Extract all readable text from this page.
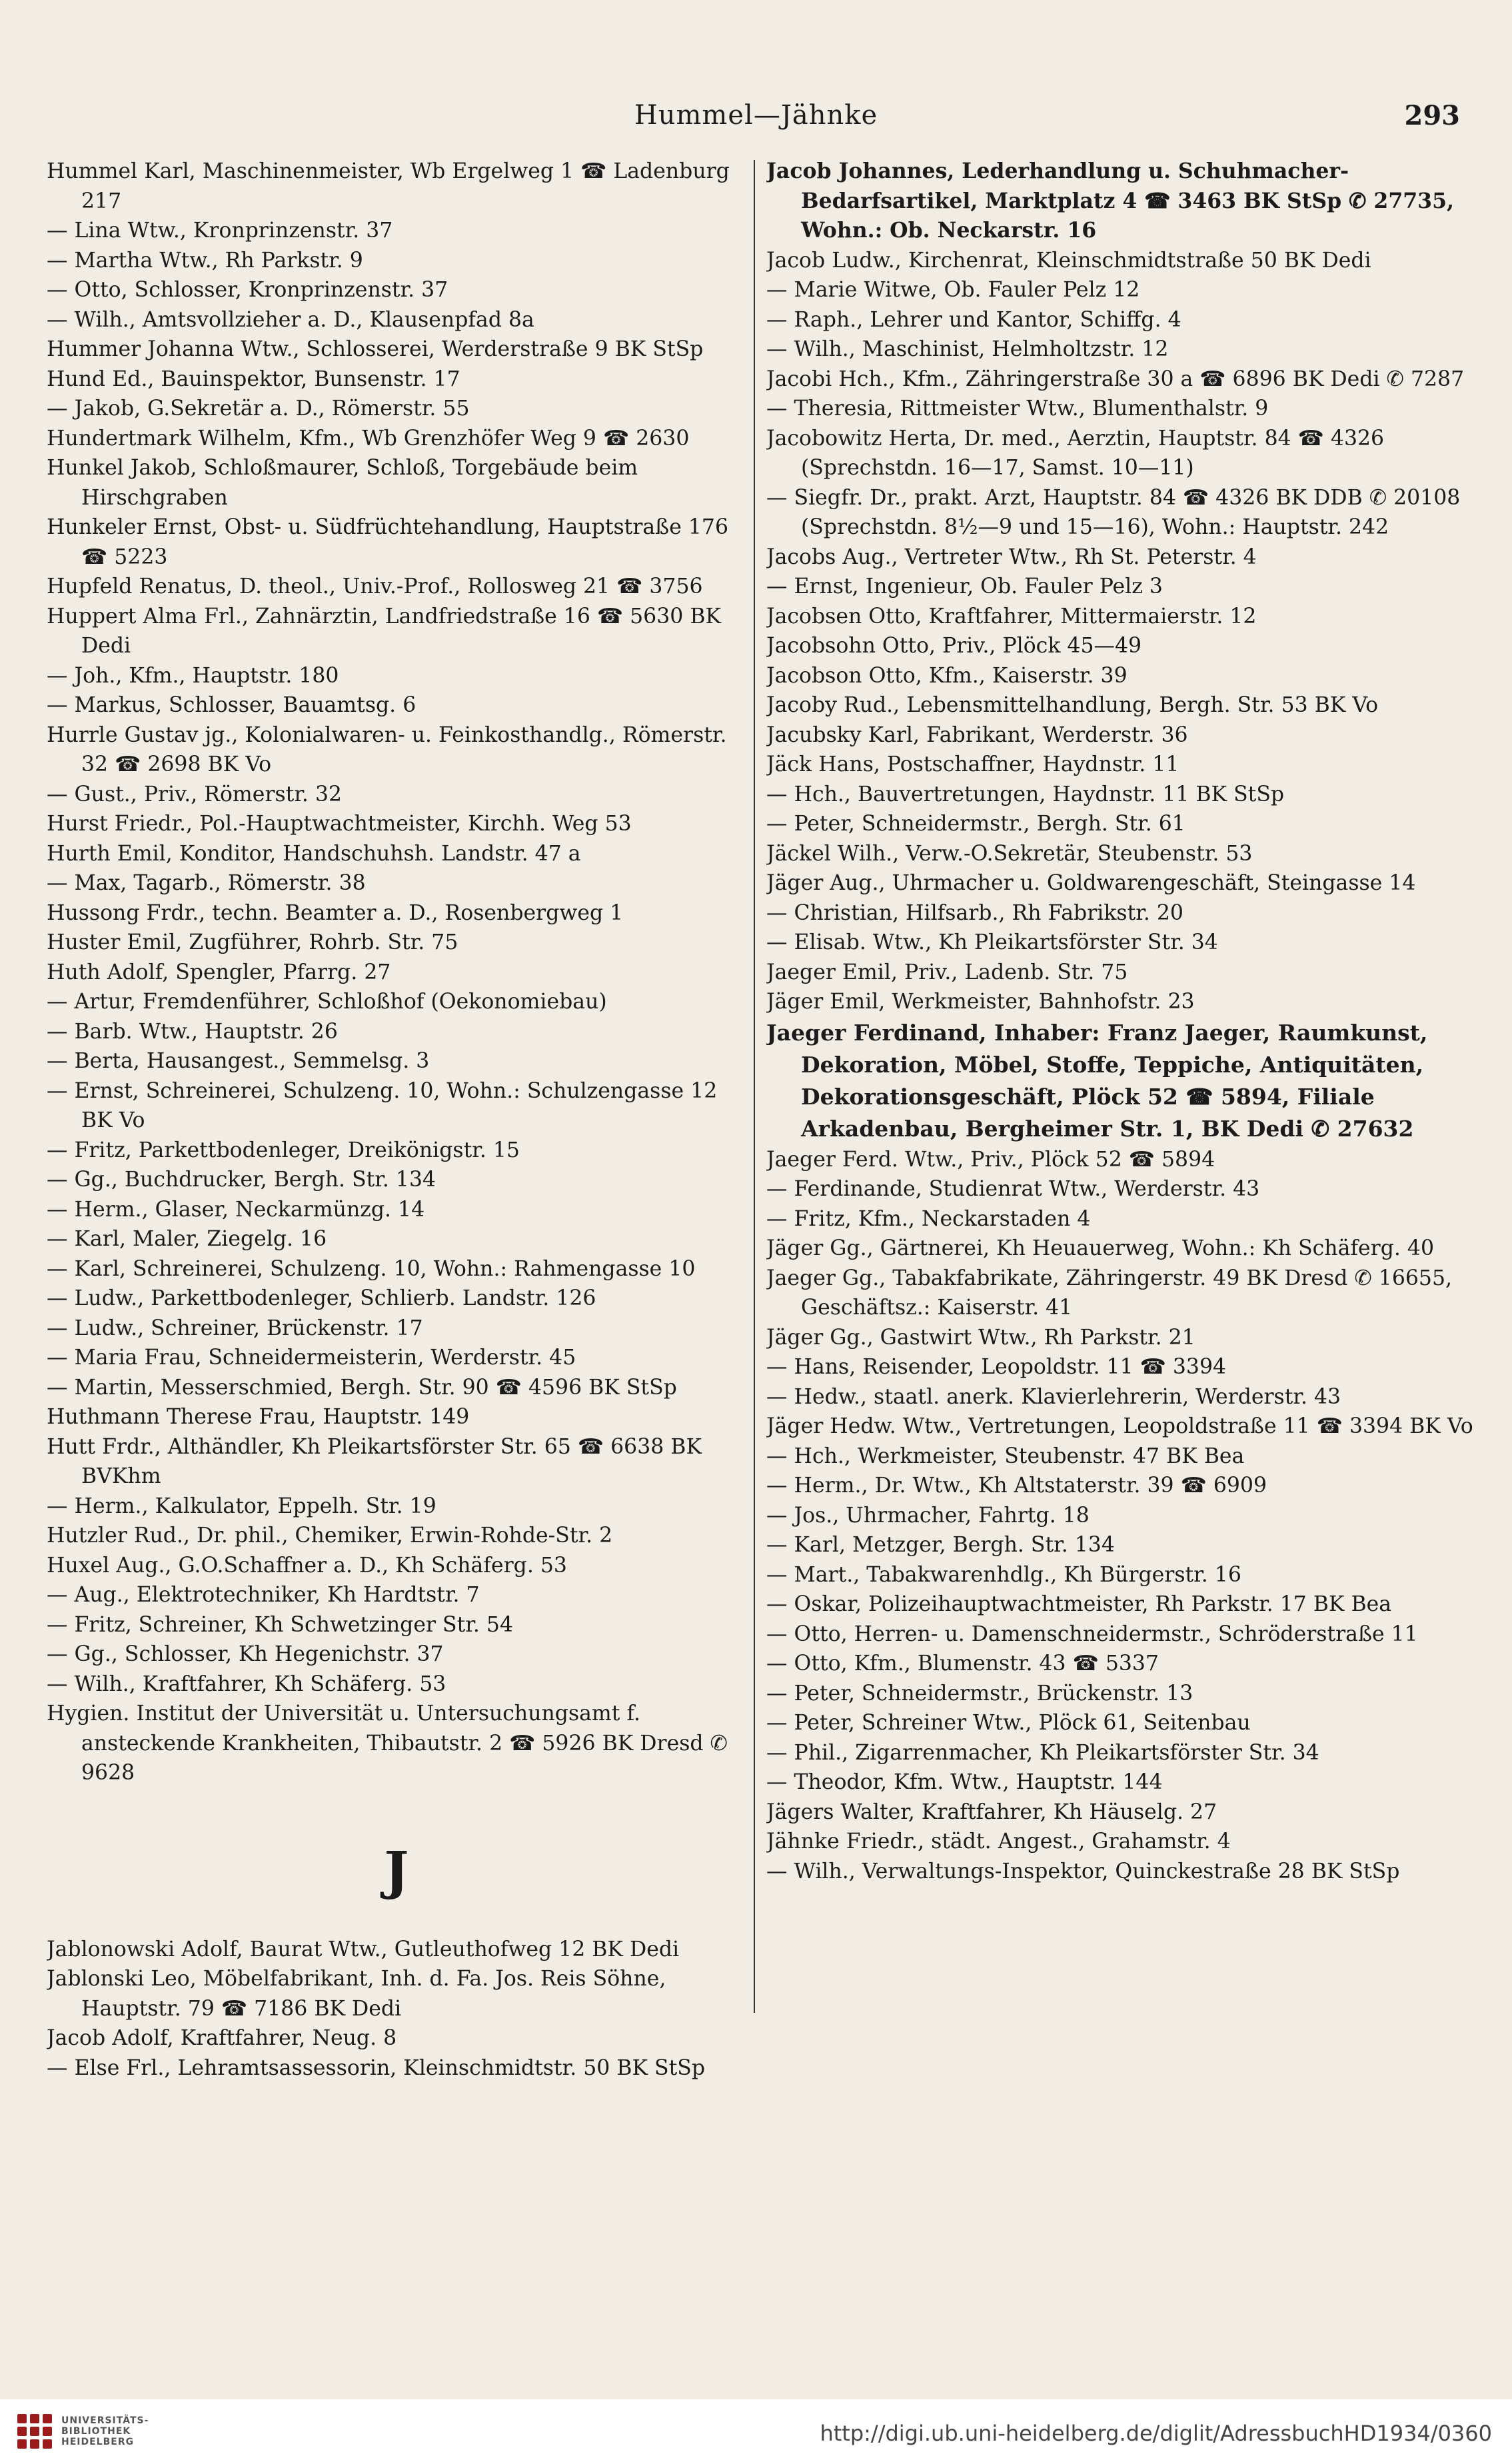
Hummel—Jähnke	293
Hummel Karl, Maschinenmeister, Wb Ergelweg 1 ☎ Ladenburg 217
— Lina Wtw., Kronprinzenstr. 37
— Martha Wtw., Rh Parkstr. 9
— Otto, Schlosser, Kronprinzenstr. 37
— Wilh., Amtsvollzieher a. D., Klausenpfad 8a
Hummer Johanna Wtw., Schlosserei, Werderstraße 9 BK StSp
Hund Ed., Bauinspektor, Bunsenstr. 17
— Jakob, G.Sekretär a. D., Römerstr. 55
Hundertmark Wilhelm, Kfm., Wb Grenzhöfer Weg 9 ☎ 2630
Hunkel Jakob, Schloßmaurer, Schloß, Torgebäude beim Hirschgraben
Hunkeler Ernst, Obst- u. Südfrüchtehandlung, Hauptstraße 176 ☎ 5223
Hupfeld Renatus, D. theol., Univ.-Prof., Rollosweg 21 ☎ 3756
Huppert Alma Frl., Zahnärztin, Landfriedstraße 16 ☎ 5630 BK Dedi
— Joh., Kfm., Hauptstr. 180
— Markus, Schlosser, Bauamtsg. 6
Hurrle Gustav jg., Kolonialwaren- u. Feinkosthandlg., Römerstr. 32 ☎ 2698 BK Vo
— Gust., Priv., Römerstr. 32
Hurst Friedr., Pol.-Hauptwachtmeister, Kirchh. Weg 53
Hurth Emil, Konditor, Handschuhsh. Landstr. 47 a
— Max, Tagarb., Römerstr. 38
Hussong Frdr., techn. Beamter a. D., Rosenbergweg 1
Huster Emil, Zugführer, Rohrb. Str. 75
Huth Adolf, Spengler, Pfarrg. 27
— Artur, Fremdenführer, Schloßhof (Oekonomiebau)
— Barb. Wtw., Hauptstr. 26
— Berta, Hausangest., Semmelsg. 3
— Ernst, Schreinerei, Schulzeng. 10, Wohn.: Schulzengasse 12 BK Vo
— Fritz, Parkettbodenleger, Dreikönigstr. 15
— Gg., Buchdrucker, Bergh. Str. 134
— Herm., Glaser, Neckarmünzg. 14
— Karl, Maler, Ziegelg. 16
— Karl, Schreinerei, Schulzeng. 10, Wohn.: Rahmengasse 10
— Ludw., Parkettbodenleger, Schlierb. Landstr. 126
— Ludw., Schreiner, Brückenstr. 17
— Maria Frau, Schneidermeisterin, Werderstr. 45
— Martin, Messerschmied, Bergh. Str. 90 ☎ 4596 BK StSp
Huthmann Therese Frau, Hauptstr. 149
Hutt Frdr., Althändler, Kh Pleikartsförster Str. 65 ☎ 6638 BK BVKhm
— Herm., Kalkulator, Eppelh. Str. 19
Hutzler Rud., Dr. phil., Chemiker, Erwin-Rohde-Str. 2
Huxel Aug., G.O.Schaffner a. D., Kh Schäferg. 53
— Aug., Elektrotechniker, Kh Hardtstr. 7
— Fritz, Schreiner, Kh Schwetzinger Str. 54
— Gg., Schlosser, Kh Hegenichstr. 37
— Wilh., Kraftfahrer, Kh Schäferg. 53
Hygien. Institut der Universität u. Untersuchungsamt f. ansteckende Krankheiten, Thibautstr. 2 ☎ 5926 BK Dresd ✆ 9628
J
Jablonowski Adolf, Baurat Wtw., Gutleuthofweg 12 BK Dedi
Jablonski Leo, Möbelfabrikant, Inh. d. Fa. Jos. Reis Söhne, Hauptstr. 79 ☎ 7186 BK Dedi
Jacob Adolf, Kraftfahrer, Neug. 8
— Else Frl., Lehramtsassessorin, Kleinschmidtstr. 50 BK StSp
Jacob Johannes, Lederhandlung u. Schuhmacher-Bedarfsartikel, Marktplatz 4 ☎ 3463 BK StSp ✆ 27735, Wohn.: Ob. Neckarstr. 16
Jacob Ludw., Kirchenrat, Kleinschmidtstraße 50 BK Dedi
— Marie Witwe, Ob. Fauler Pelz 12
— Raph., Lehrer und Kantor, Schiffg. 4
— Wilh., Maschinist, Helmholtzstr. 12
Jacobi Hch., Kfm., Zähringerstraße 30 a ☎ 6896 BK Dedi ✆ 7287
— Theresia, Rittmeister Wtw., Blumenthalstr. 9
Jacobowitz Herta, Dr. med., Aerztin, Hauptstr. 84 ☎ 4326 (Sprechstdn. 16—17, Samst. 10—11)
— Siegfr. Dr., prakt. Arzt, Hauptstr. 84 ☎ 4326 BK DDB ✆ 20108 (Sprechstdn. 8½—9 und 15—16), Wohn.: Hauptstr. 242
Jacobs Aug., Vertreter Wtw., Rh St. Peterstr. 4
— Ernst, Ingenieur, Ob. Fauler Pelz 3
Jacobsen Otto, Kraftfahrer, Mittermaierstr. 12
Jacobsohn Otto, Priv., Plöck 45—49
Jacobson Otto, Kfm., Kaiserstr. 39
Jacoby Rud., Lebensmittelhandlung, Bergh. Str. 53 BK Vo
Jacubsky Karl, Fabrikant, Werderstr. 36
Jäck Hans, Postschaffner, Haydnstr. 11
— Hch., Bauvertretungen, Haydnstr. 11 BK StSp
— Peter, Schneidermstr., Bergh. Str. 61
Jäckel Wilh., Verw.-O.Sekretär, Steubenstr. 53
Jäger Aug., Uhrmacher u. Goldwarengeschäft, Steingasse 14
— Christian, Hilfsarb., Rh Fabrikstr. 20
— Elisab. Wtw., Kh Pleikartsförster Str. 34
Jaeger Emil, Priv., Ladenb. Str. 75
Jäger Emil, Werkmeister, Bahnhofstr. 23
Jaeger Ferdinand, Inhaber: Franz Jaeger, Raumkunst, Dekoration, Möbel, Stoffe, Teppiche, Antiquitäten, Dekorationsgeschäft, Plöck 52 ☎ 5894, Filiale Arkadenbau, Bergheimer Str. 1, BK Dedi ✆ 27632
Jaeger Ferd. Wtw., Priv., Plöck 52 ☎ 5894
— Ferdinande, Studienrat Wtw., Werderstr. 43
— Fritz, Kfm., Neckarstaden 4
Jäger Gg., Gärtnerei, Kh Heuauerweg, Wohn.: Kh Schäferg. 40
Jaeger Gg., Tabakfabrikate, Zähringerstr. 49 BK Dresd ✆ 16655, Geschäftsz.: Kaiserstr. 41
Jäger Gg., Gastwirt Wtw., Rh Parkstr. 21
— Hans, Reisender, Leopoldstr. 11 ☎ 3394
— Hedw., staatl. anerk. Klavierlehrerin, Werderstr. 43
Jäger Hedw. Wtw., Vertretungen, Leopoldstraße 11 ☎ 3394 BK Vo
— Hch., Werkmeister, Steubenstr. 47 BK Bea
— Herm., Dr. Wtw., Kh Altstaterstr. 39 ☎ 6909
— Jos., Uhrmacher, Fahrtg. 18
— Karl, Metzger, Bergh. Str. 134
— Mart., Tabakwarenhdlg., Kh Bürgerstr. 16
— Oskar, Polizeihauptwachtmeister, Rh Parkstr. 17 BK Bea
— Otto, Herren- u. Damenschneidermstr., Schröderstraße 11
— Otto, Kfm., Blumenstr. 43 ☎ 5337
— Peter, Schneidermstr., Brückenstr. 13
— Peter, Schreiner Wtw., Plöck 61, Seitenbau
— Phil., Zigarrenmacher, Kh Pleikartsförster Str. 34
— Theodor, Kfm. Wtw., Hauptstr. 144
Jägers Walter, Kraftfahrer, Kh Häuselg. 27
Jähnke Friedr., städt. Angest., Grahamstr. 4
— Wilh., Verwaltungs-Inspektor, Quinckestraße 28 BK StSp
UNIVERSITÄTS-
BIBLIOTHEK
HEIDELBERG	http://digi.ub.uni-heidelberg.de/diglit/AdressbuchHD1934/0360
